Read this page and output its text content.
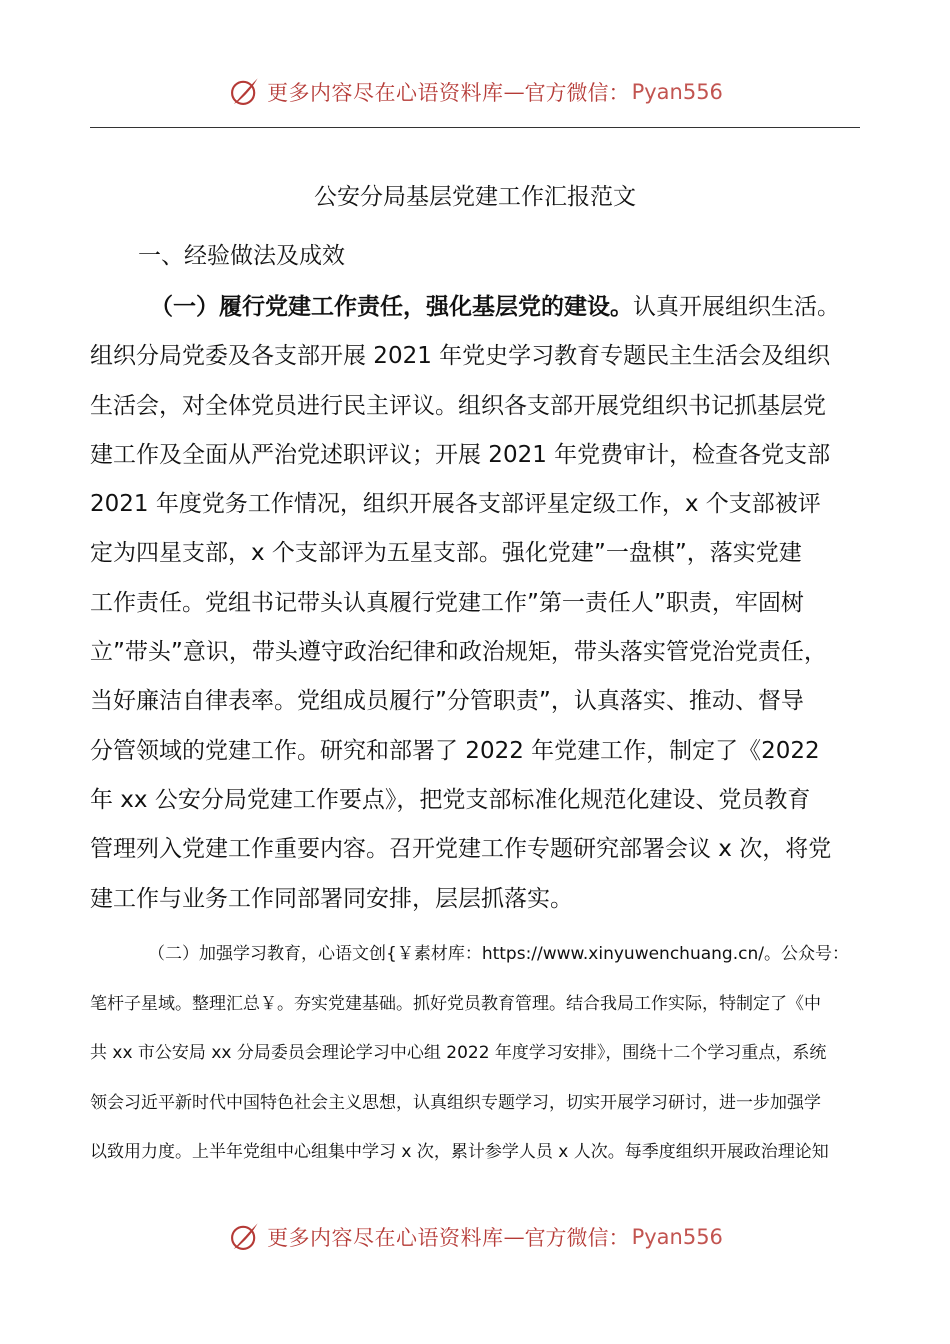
更多内容尽在心语资料库 — 官方微信： Pyan556
公安分局基层党建工作汇报范文
一、经验做法及成效
（一）履行党建工作责任，强化基层党的建设。认真开展组织生活。
组织分局党委及各支部开展 2021 年党史学习教育专题民主生活会及组织
生活会，对全体党员进行民主评议。组织各支部开展党组织书记抓基层党
建工作及全面从严治党述职评议；开展 2021 年党费审计，检查各党支部
2021 年度党务工作情况，组织开展各支部评星定级工作，x 个支部被评
定为四星支部，x 个支部评为五星支部。强化党建”一盘棋”，落实党建
工作责任。党组书记带头认真履行党建工作”第一责任人”职责，牢固树
立”带头”意识，带头遵守政治纪律和政治规矩，带头落实管党治党责任，
当好廉洁自律表率。党组成员履行”分管职责”，认真落实、推动、督导
分管领域的党建工作。研究和部署了 2022 年党建工作，制定了《2022
年 xx 公安分局党建工作要点》，把党支部标准化规范化建设、党员教育
管理列入党建工作重要内容。召开党建工作专题研究部署会议 x 次，将党
建工作与业务工作同部署同安排，层层抓落实。
（二）加强学习教育，心语文创{￥素材库：https://www.xinyuwenchuang.cn/。公众号：
笔杆子星域。整理汇总￥。夯实党建基础。抓好党员教育管理。结合我局工作实际，特制定了《中
共 xx 市公安局 xx 分局委员会理论学习中心组 2022 年度学习安排》，围绕十二个学习重点，系统
领会习近平新时代中国特色社会主义思想，认真组织专题学习，切实开展学习研讨，进一步加强学
以致用力度。上半年党组中心组集中学习 x 次，累计参学人员 x 人次。每季度组织开展政治理论知
更多内容尽在心语资料库 — 官方微信： Pyan556
